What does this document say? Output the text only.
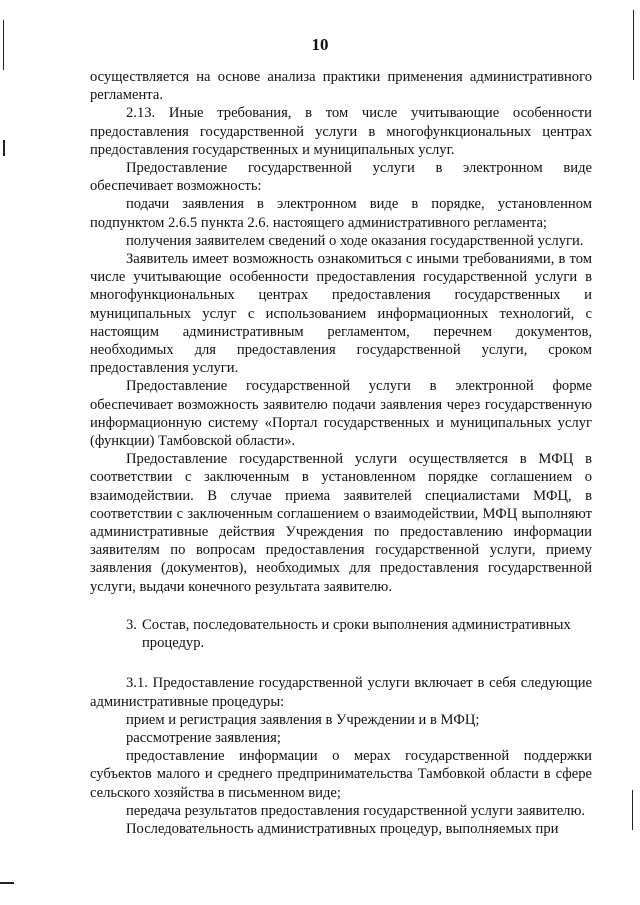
10

осуществляется на основе анализа практики применения административного регламента.

2.13. Иные требования, в том числе учитывающие особенности предоставления государственной услуги в многофункциональных центрах предоставления государственных и муниципальных услуг.

Предоставление государственной услуги в электронном виде обеспечивает возможность:

подачи заявления в электронном виде в порядке, установленном подпунктом 2.6.5 пункта 2.6. настоящего административного регламента;

получения заявителем сведений о ходе оказания государственной услуги.

Заявитель имеет возможность ознакомиться с иными требованиями, в том числе учитывающие особенности предоставления государственной услуги в многофункциональных центрах предоставления государственных и муниципальных услуг с использованием информационных технологий, с настоящим административным регламентом, перечнем документов, необходимых для предоставления государственной услуги, сроком предоставления услуги.

Предоставление государственной услуги в электронной форме обеспечивает возможность заявителю подачи заявления через государственную информационную систему «Портал государственных и муниципальных услуг (функции) Тамбовской области».

Предоставление государственной услуги осуществляется в МФЦ в соответствии с заключенным в установленном порядке соглашением о взаимодействии. В случае приема заявителей специалистами МФЦ, в соответствии с заключенным соглашением о взаимодействии, МФЦ выполняют административные действия Учреждения по предоставлению информации заявителям по вопросам предоставления государственной услуги, приему заявления (документов), необходимых для предоставления государственной услуги, выдачи конечного результата заявителю.

3. Состав, последовательность и сроки выполнения административных процедур.

3.1. Предоставление государственной услуги включает в себя следующие административные процедуры:

прием и регистрация заявления в Учреждении и в МФЦ;

рассмотрение заявления;

предоставление информации о мерах государственной поддержки субъектов малого и среднего предпринимательства Тамбовкой области в сфере сельского хозяйства в письменном виде;

передача результатов предоставления государственной услуги заявителю.

Последовательность административных процедур, выполняемых при
